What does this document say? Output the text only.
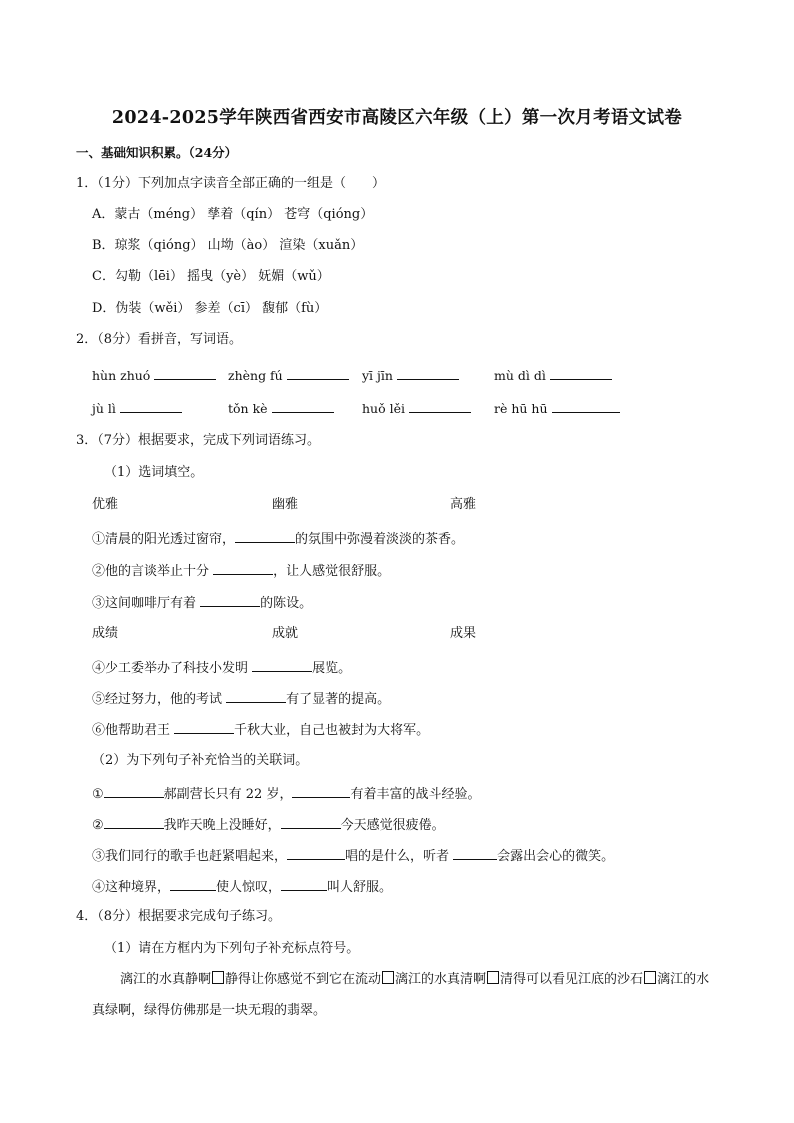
2024-2025学年陕西省西安市高陵区六年级（上）第一次月考语文试卷
一、基础知识积累。（24分）
1．（1分）下列加点字读音全部正确的一组是（　　）
A．蒙古（méng） 孳着（qín） 苍穹（qióng）
B．琼浆（qióng） 山坳（ào） 渲染（xuǎn）
C．勾勒（lēi） 摇曳（yè） 妩媚（wǔ）
D．伪装（wěi） 参差（cī） 馥郁（fù）
2．（8分）看拼音，写词语。
hùn zhuó	zhèng fú	yī jīn	mù dì dì
jù lì	tǒn kè	huǒ lěi	rè hū hū
3．（7分）根据要求，完成下列词语练习。
（1）选词填空。
优雅	幽雅	高雅
①清晨的阳光透过窗帘，	的氛围中弥漫着淡淡的茶香。
②他的言谈举止十分	，让人感觉很舒服。
③这间咖啡厅有着	的陈设。
成绩	成就	成果
④少工委举办了科技小发明	展览。
⑤经过努力，他的考试	有了显著的提高。
⑥他帮助君王	千秋大业，自己也被封为大将军。
（2）为下列句子补充恰当的关联词。
①	郝副营长只有 22 岁，	有着丰富的战斗经验。
②	我昨天晚上没睡好，	今天感觉很疲倦。
③我们同行的歌手也赶紧唱起来，	唱的是什么，听者	会露出会心的微笑。
④这种境界，	使人惊叹，	叫人舒服。
4．（8分）根据要求完成句子练习。
（1）请在方框内为下列句子补充标点符号。
漓江的水真静啊 静得让你感觉不到它在流动 漓江的水真清啊 清得可以看见江底的沙石 漓江的水真绿啊，绿得仿佛那是一块无瑕的翡翠。
